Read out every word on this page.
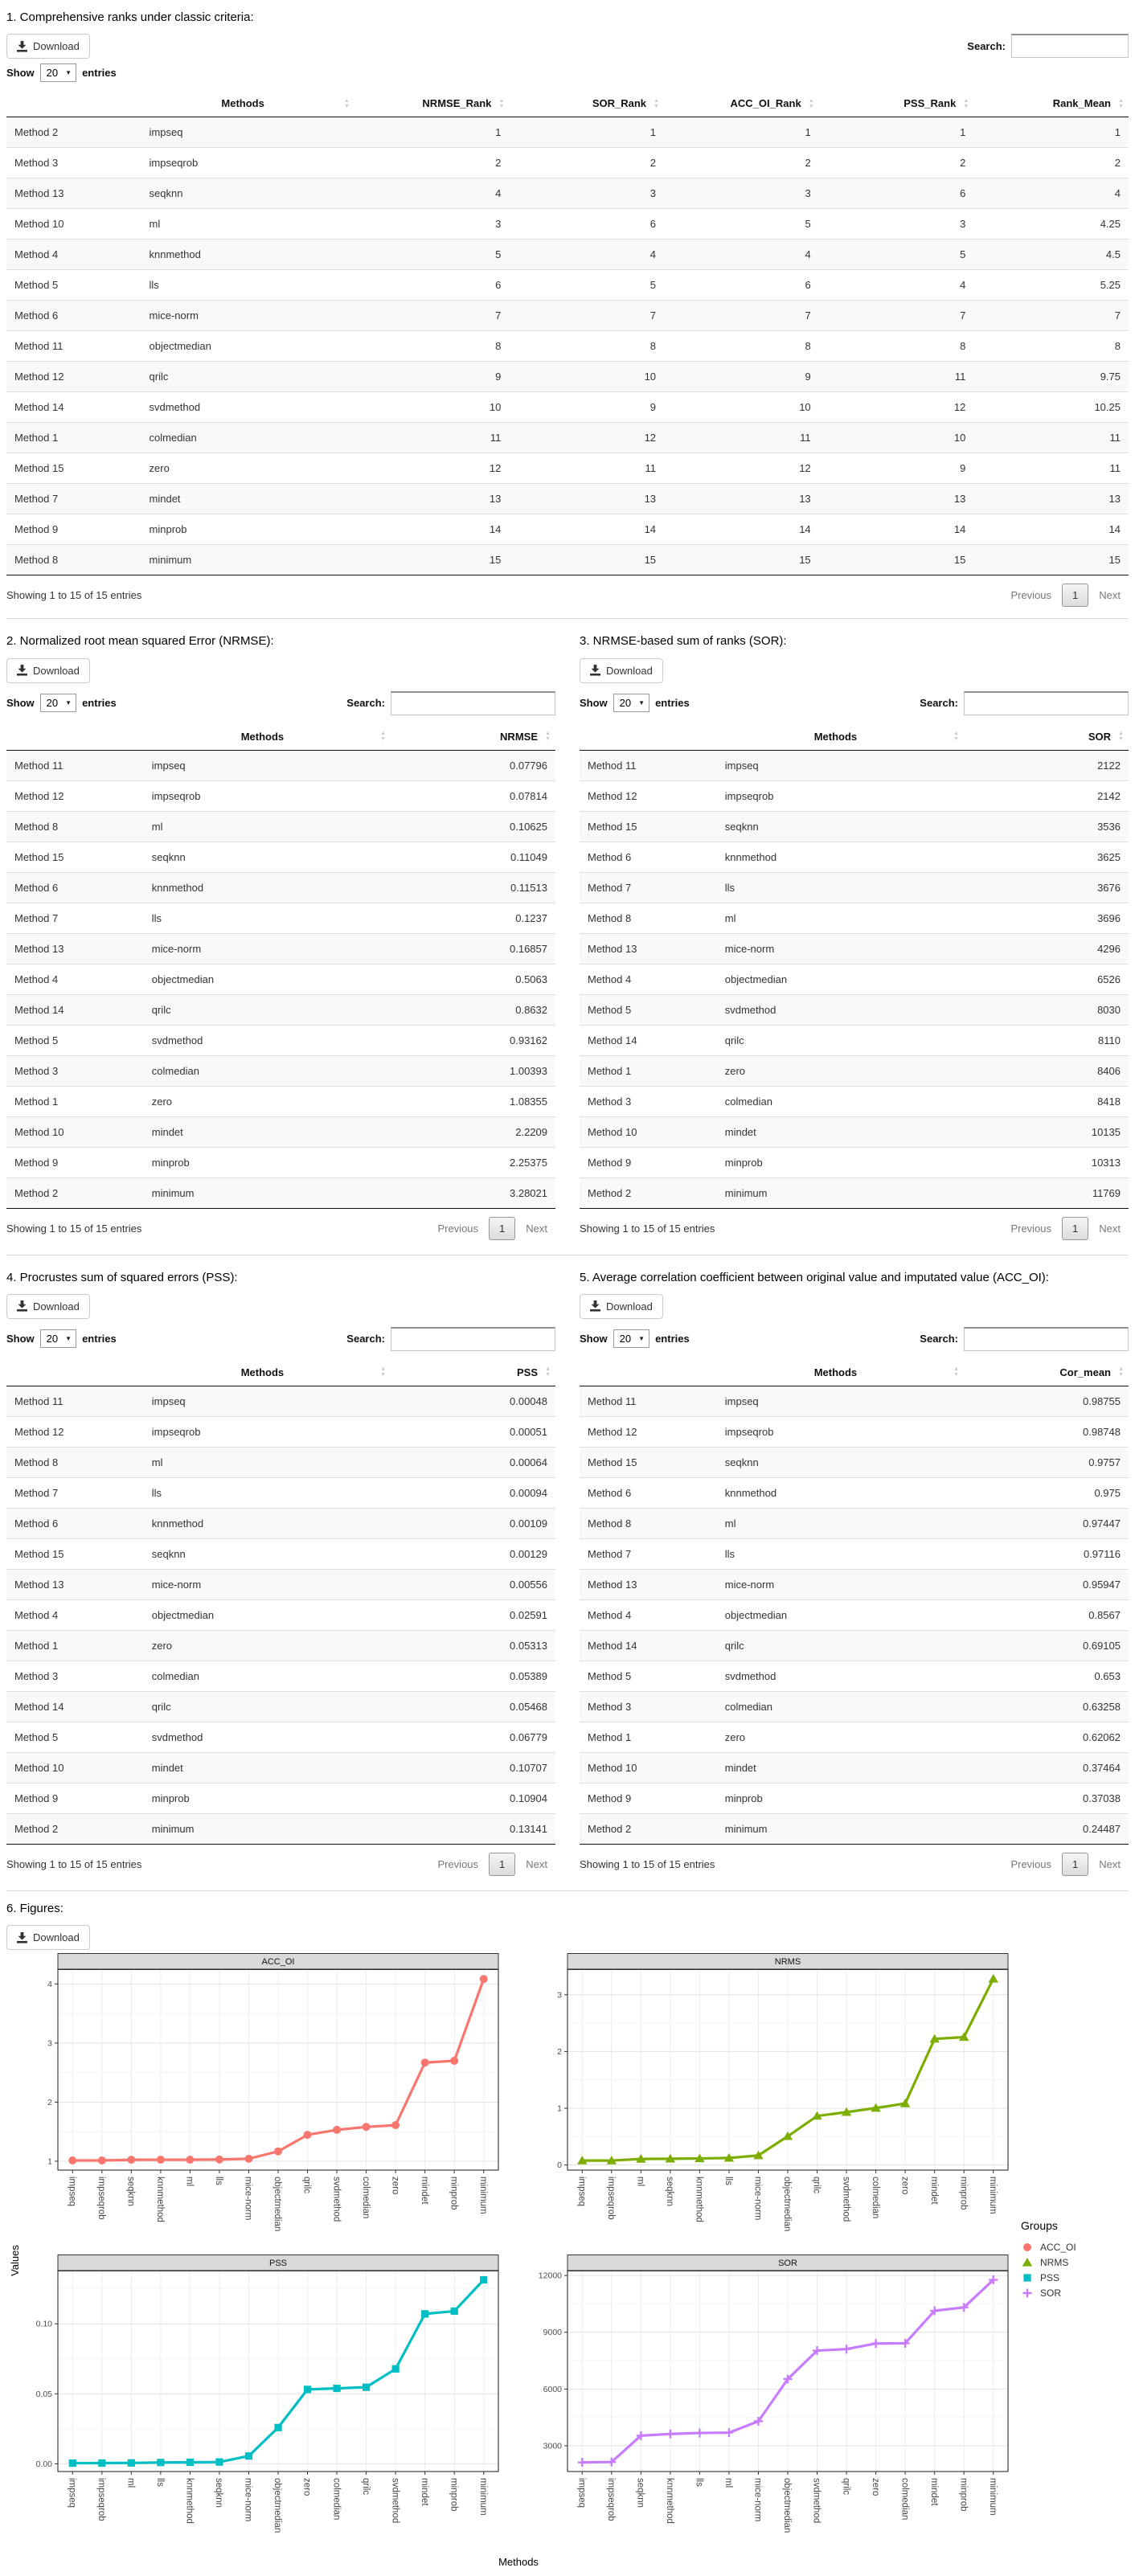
1. Comprehensive ranks under classic criteria:
Download	Search:
Show 20 ▼ entries
	Methods ▲
▼	NRMSE_Rank ▲
▼	SOR_Rank ▲
▼	ACC_OI_Rank ▲
▼	PSS_Rank ▲
▼	Rank_Mean ▲
▼

Method 2	impseq	1	1	1	1	1
Method 3	impseqrob	2	2	2	2	2
Method 13	seqknn	4	3	3	6	4
Method 10	ml	3	6	5	3	4.25
Method 4	knnmethod	5	4	4	5	4.5
Method 5	lls	6	5	6	4	5.25
Method 6	mice-norm	7	7	7	7	7
Method 11	objectmedian	8	8	8	8	8
Method 12	qrilc	9	10	9	11	9.75
Method 14	svdmethod	10	9	10	12	10.25
Method 1	colmedian	11	12	11	10	11
Method 15	zero	12	11	12	9	11
Method 7	mindet	13	13	13	13	13
Method 9	minprob	14	14	14	14	14
Method 8	minimum	15	15	15	15	15
Showing 1 to 15 of 15 entries	Previous	1	Next
2. Normalized root mean squared Error (NRMSE):
Download
Show 20 ▼ entries	Search:
	Methods ▲
▼	NRMSE ▲
▼

Method 11	impseq	0.07796
Method 12	impseqrob	0.07814
Method 8	ml	0.10625
Method 15	seqknn	0.11049
Method 6	knnmethod	0.11513
Method 7	lls	0.1237
Method 13	mice-norm	0.16857
Method 4	objectmedian	0.5063
Method 14	qrilc	0.8632
Method 5	svdmethod	0.93162
Method 3	colmedian	1.00393
Method 1	zero	1.08355
Method 10	mindet	2.2209
Method 9	minprob	2.25375
Method 2	minimum	3.28021
Showing 1 to 15 of 15 entries	Previous	1	Next
3. NRMSE-based sum of ranks (SOR):
Download
Show 20 ▼ entries	Search:
	Methods ▲
▼	SOR ▲
▼

Method 11	impseq	2122
Method 12	impseqrob	2142
Method 15	seqknn	3536
Method 6	knnmethod	3625
Method 7	lls	3676
Method 8	ml	3696
Method 13	mice-norm	4296
Method 4	objectmedian	6526
Method 5	svdmethod	8030
Method 14	qrilc	8110
Method 1	zero	8406
Method 3	colmedian	8418
Method 10	mindet	10135
Method 9	minprob	10313
Method 2	minimum	11769
Showing 1 to 15 of 15 entries	Previous	1	Next
4. Procrustes sum of squared errors (PSS):
Download
Show 20 ▼ entries	Search:
	Methods ▲
▼	PSS ▲
▼

Method 11	impseq	0.00048
Method 12	impseqrob	0.00051
Method 8	ml	0.00064
Method 7	lls	0.00094
Method 6	knnmethod	0.00109
Method 15	seqknn	0.00129
Method 13	mice-norm	0.00556
Method 4	objectmedian	0.02591
Method 1	zero	0.05313
Method 3	colmedian	0.05389
Method 14	qrilc	0.05468
Method 5	svdmethod	0.06779
Method 10	mindet	0.10707
Method 9	minprob	0.10904
Method 2	minimum	0.13141
Showing 1 to 15 of 15 entries	Previous	1	Next
5. Average correlation coefficient between original value and imputated value (ACC_OI):
Download
Show 20 ▼ entries	Search:
	Methods ▲
▼	Cor_mean ▲
▼

Method 11	impseq	0.98755
Method 12	impseqrob	0.98748
Method 15	seqknn	0.9757
Method 6	knnmethod	0.975
Method 8	ml	0.97447
Method 7	lls	0.97116
Method 13	mice-norm	0.95947
Method 4	objectmedian	0.8567
Method 14	qrilc	0.69105
Method 5	svdmethod	0.653
Method 3	colmedian	0.63258
Method 1	zero	0.62062
Method 10	mindet	0.37464
Method 9	minprob	0.37038
Method 2	minimum	0.24487
Showing 1 to 15 of 15 entries	Previous	1	Next
6. Figures:
Download
Values
1
2
3
4
impseq impseqrob seqknn knnmethod ml lls mice-norm objectmedian qrilc svdmethod colmedian zero mindet minprob minimum
ACC_OI
0
1
2
3
impseq impseqrob ml seqknn knnmethod lls mice-norm objectmedian qrilc svdmethod colmedian zero mindet minprob minimum
NRMS
0.00
0.05
0.10
impseq impseqrob ml lls knnmethod seqknn mice-norm objectmedian zero colmedian qrilc svdmethod mindet minprob minimum
PSS
3000
6000
9000
12000
impseq impseqrob seqknn knnmethod lls ml mice-norm objectmedian svdmethod qrilc zero colmedian mindet minprob minimum
SOR
Methods
Groups
ACC_OI
NRMS
PSS
SOR
